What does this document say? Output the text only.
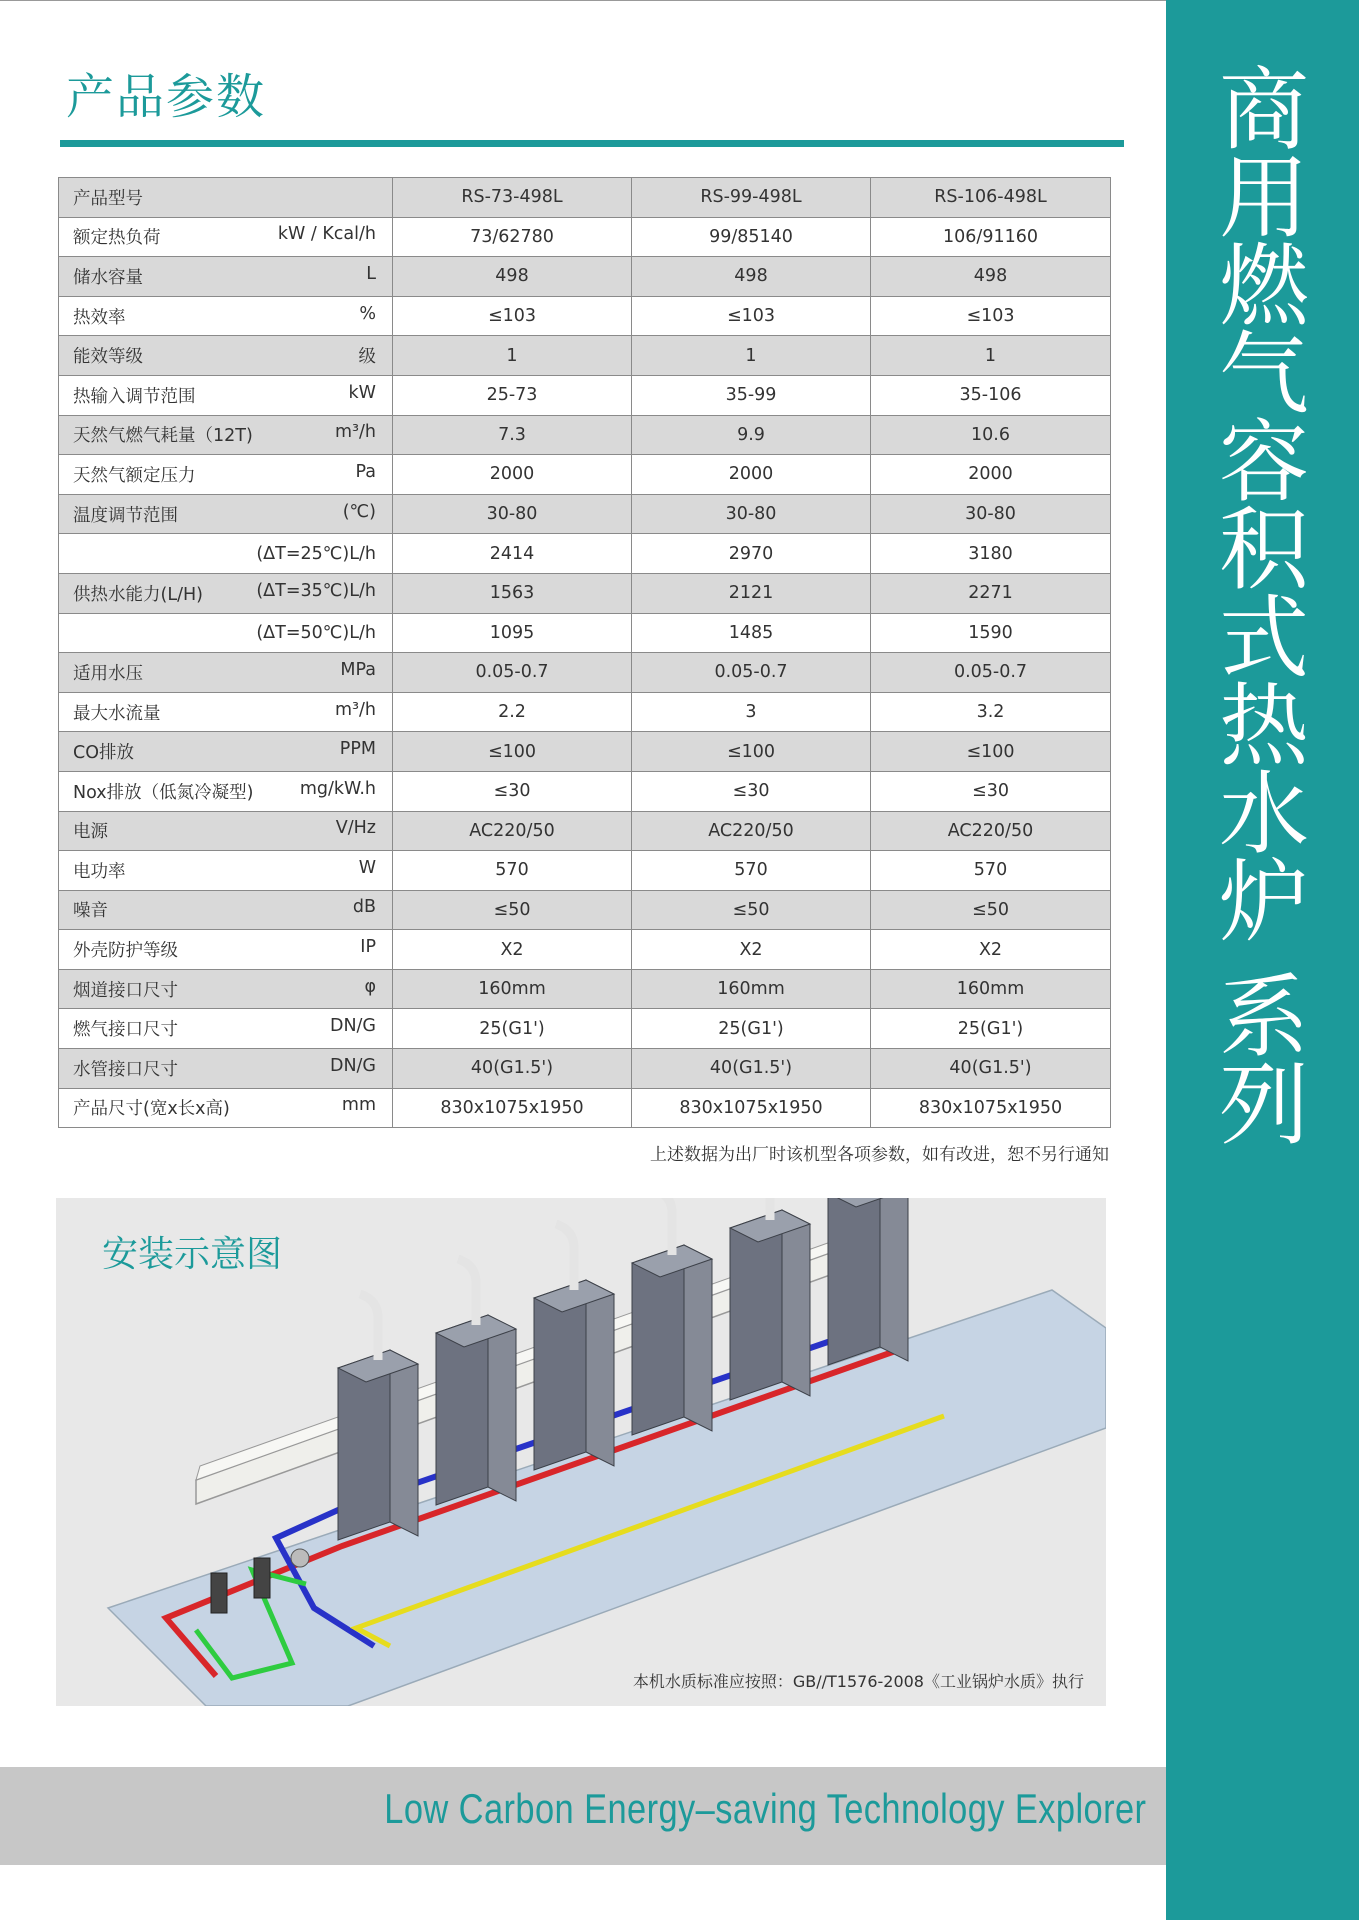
商用燃气容积式热水炉 系列
产品参数
产品型号	RS-73-498L	RS-99-498L	RS-106-498L

额定热负荷 kW / Kcal/h	73/62780	99/85140	106/91160

储水容量 L	498	498	498

热效率 %	≤103	≤103	≤103

能效等级 级	1	1	1

热输入调节范围 kW	25-73	35-99	35-106

天然气燃气耗量（12T) m³/h	7.3	9.9	10.6

天然气额定压力 Pa	2000	2000	2000

温度调节范围 (℃)	30-80	30-80	30-80

(ΔT=25℃)L/h	2414	2970	3180

供热水能力(L/H) (ΔT=35℃)L/h	1563	2121	2271

(ΔT=50℃)L/h	1095	1485	1590

适用水压 MPa	0.05-0.7	0.05-0.7	0.05-0.7

最大水流量 m³/h	2.2	3	3.2

CO排放 PPM	≤100	≤100	≤100

Nox排放（低氮冷凝型) mg/kW.h	≤30	≤30	≤30

电源 V/Hz	AC220/50	AC220/50	AC220/50

电功率 W	570	570	570

噪音 dB	≤50	≤50	≤50

外壳防护等级 IP	X2	X2	X2

烟道接口尺寸 φ	160mm	160mm	160mm

燃气接口尺寸 DN/G	25(G1')	25(G1')	25(G1')

水管接口尺寸 DN/G	40(G1.5')	40(G1.5')	40(G1.5')

产品尺寸(宽x长x高) mm	830x1075x1950	830x1075x1950	830x1075x1950
上述数据为出厂时该机型各项参数，如有改进，恕不另行通知
安装示意图
本机水质标准应按照：GB//T1576-2008《工业锅炉水质》执行
Low Carbon Energy–saving Technology Explorer
